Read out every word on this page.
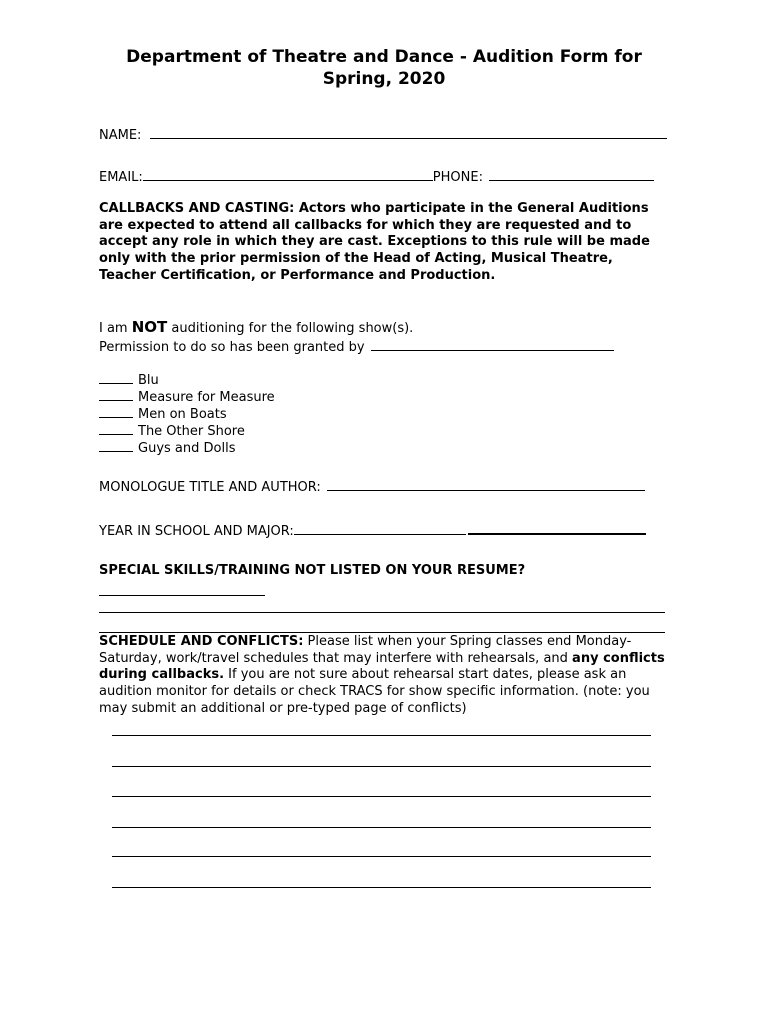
Department of Theatre and Dance - Audition Form for
Spring, 2020
NAME:
EMAIL:	PHONE:
CALLBACKS AND CASTING: Actors who participate in the General Auditions are expected to attend all callbacks for which they are requested and to accept any role in which they are cast. Exceptions to this rule will be made only with the prior permission of the Head of Acting, Musical Theatre, Teacher Certification, or Performance and Production.
I am NOT auditioning for the following show(s).
Permission to do so has been granted by
Blu
Measure for Measure
Men on Boats
The Other Shore
Guys and Dolls
MONOLOGUE TITLE AND AUTHOR:
YEAR IN SCHOOL AND MAJOR:
SPECIAL SKILLS/TRAINING NOT LISTED ON YOUR RESUME?
SCHEDULE AND CONFLICTS: Please list when your Spring classes end Monday-Saturday, work/travel schedules that may interfere with rehearsals, and any conflicts during callbacks. If you are not sure about rehearsal start dates, please ask an audition monitor for details or check TRACS for show specific information. (note: you may submit an additional or pre-typed page of conflicts)
